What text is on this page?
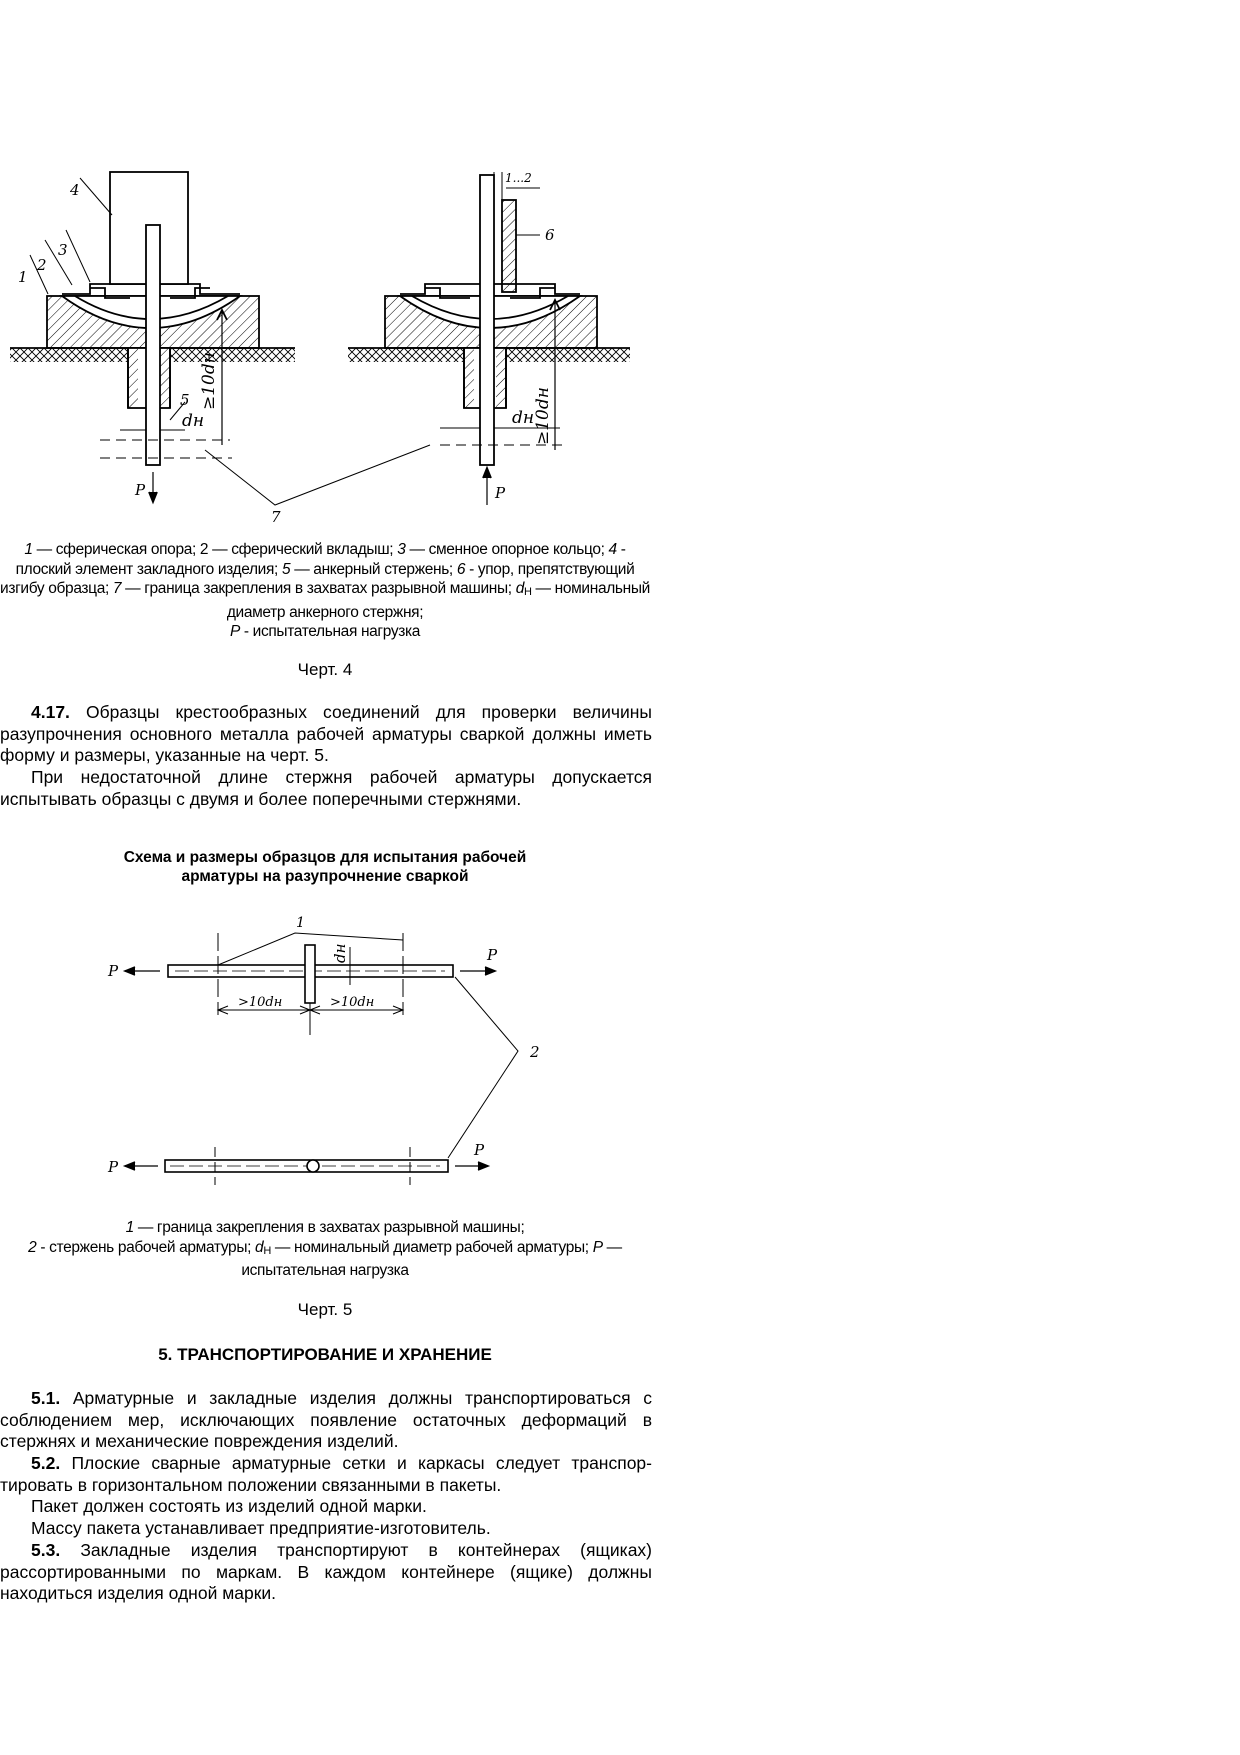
4
3
2
1
5
6
7
P	P
dн	dн
≥10dн
≥10dн
1...2
1 — сферическая опора; 2 — сферический вкладыш; 3 — сменное опорное кольцо; 4 - плоский элемент закладного изделия; 5 — анкерный стержень; 6 - упор, препятствующий изгибу образца; 7 — граница закрепления в захватах разрывной машины; $d_Н$ — номинальный диаметр анкерного стержня;
P - испытательная нагрузка
Черт. 4
4.17. Образцы крестообразных соединений для проверки величины разупрочнения основного металла рабочей арматуры сваркой должны иметь форму и размеры, указанные на черт. 5.
При недостаточной длине стержня рабочей арматуры допускается испытывать образцы с двумя и более поперечными стержнями.
Схема и размеры образцов для испытания рабочей
арматуры на разупрочнение сваркой
1
2
P
P
P
P
dн
>10dн	>10dн
1 — граница закрепления в захватах разрывной машины;
2 - стержень рабочей арматуры; $d_Н$ — номинальный диаметр рабочей арматуры; P — испытательная нагрузка
Черт. 5
5. ТРАНСПОРТИРОВАНИЕ И ХРАНЕНИЕ
5.1. Арматурные и закладные изделия должны транспортироваться с соблюдением мер, исключающих появление остаточных деформаций в стержнях и механические повреждения изделий.
5.2. Плоские сварные арматурные сетки и каркасы следует транспор-тировать в горизонтальном положении связанными в пакеты.
Пакет должен состоять из изделий одной марки.
Массу пакета устанавливает предприятие-изготовитель.
5.3. Закладные изделия транспортируют в контейнерах (ящиках) рассортированными по маркам. В каждом контейнере (ящике) должны находиться изделия одной марки.
